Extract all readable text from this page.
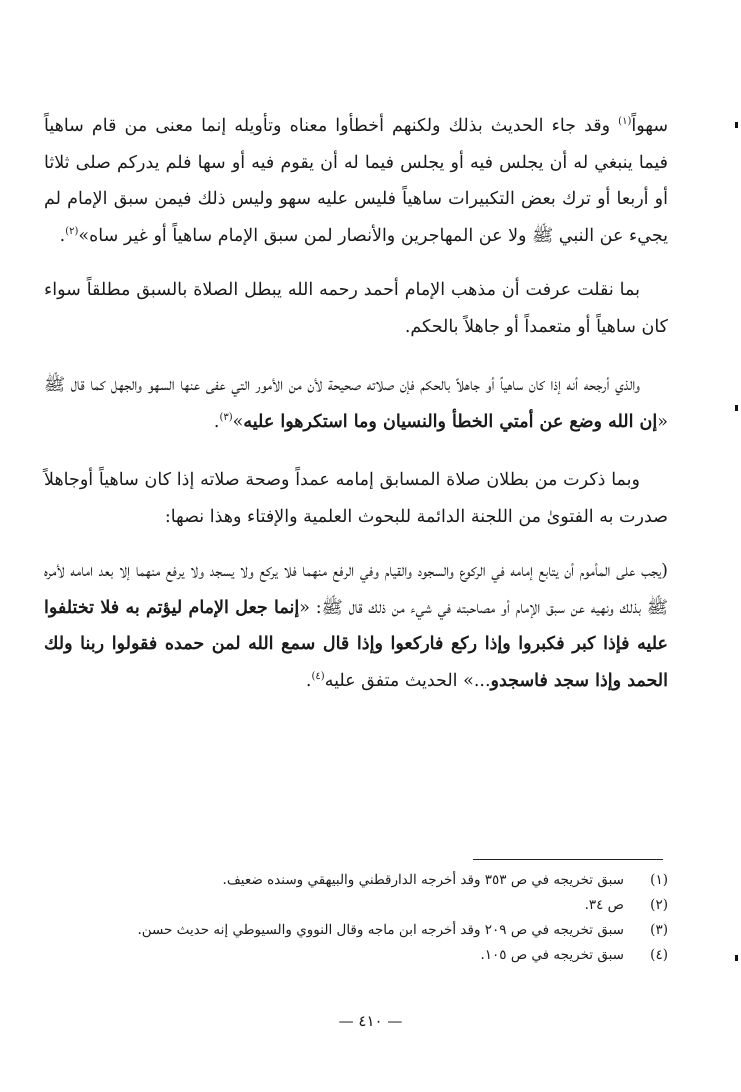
سهواً$^{(١)}$ وقد جاء الحديث بذلك ولكنهم أخطأوا معناه وتأويله إنما معنى من قام ساهياً فيما ينبغي له أن يجلس فيه أو يجلس فيما له أن يقوم فيه أو سها فلم يدركم صلى ثلاثا أو أربعا أو ترك بعض التكبيرات ساهياً فليس عليه سهو وليس ذلك فيمن سبق الإمام لم يجيء عن النبي ﷺ ولا عن المهاجرين والأنصار لمن سبق الإمام ساهياً أو غير ساه»$^{(٢)}$.

بما نقلت عرفت أن مذهب الإمام أحمد رحمه الله يبطل الصلاة بالسبق مطلقاً سواء كان ساهياً أو متعمداً أو جاهلاً بالحكم.

والذي أرجحه أنه إذا كان ساهياً أو جاهلاً بالحكم فإن صلاته صحيحة لأن من الأمور التي عفى عنها السهو والجهل كما قال ﷺ «إن الله وضع عن أمتي الخطأ والنسيان وما استكرهوا عليه»$^{(٣)}$.

وبما ذكرت من بطلان صلاة المسابق إمامه عمداً وصحة صلاته إذا كان ساهياً أوجاهلاً صدرت به الفتوىٰ من اللجنة الدائمة للبحوث العلمية والإفتاء وهذا نصها:

(يجب على المأموم أن يتابع إمامه في الركوع والسجود والقيام وفي الرفع منهما فلا يركع ولا يسجد ولا يرفع منهما إلا بعد امامه لأمره ﷺ بذلك ونهيه عن سبق الإمام أو مصاحبته في شيء من ذلك قال ﷺ: «إنما جعل الإمام ليؤتم به فلا تختلفوا عليه فإذا كبر فكبروا وإذا ركع فاركعوا وإذا قال سمع الله لمن حمده فقولوا ربنا ولك الحمد وإذا سجد فاسجدو...» الحديث متفق عليه$^{(٤)}$.

(١)سبق تخريجه في ص ٣٥٣ وقد أخرجه الدارقطني والبيهقي وسنده ضعيف.
(٢)ص ٣٤.
(٣)سبق تخريجه في ص ٢٠٩ وقد أخرجه ابن ماجه وقال النووي والسيوطي إنه حديث حسن.
(٤)سبق تخريجه في ص ١٠٥.
— ٤١٠ —
